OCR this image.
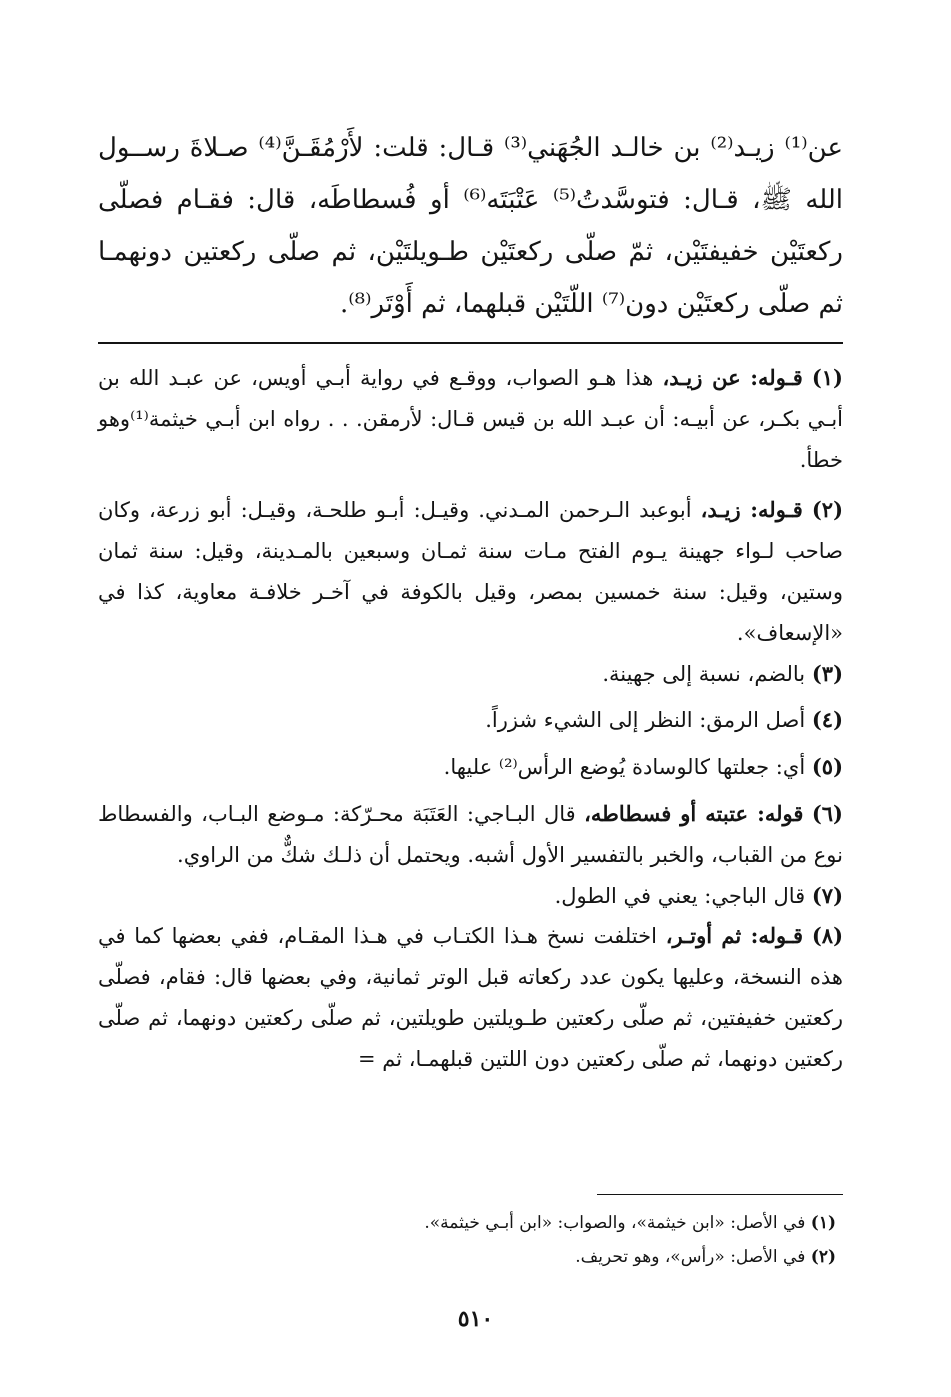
عن⁽¹⁾ زيـد⁽²⁾ بن خالـد الجُهَني⁽³⁾ قـال: قلت: لأَرْمُقَـنَّ⁽⁴⁾ صـلاةَ رســول الله ﷺ، قـال: فتوسَّدتُ⁽⁵⁾ عَتْبَتَه⁽⁶⁾ أو فُسطاطَه، قال: فقـام فصلّى ركعتَيْن خفيفتَيْن، ثمّ صلّى ركعتَيْن طـويلتَيْن، ثم صلّى ركعتين دونهمـا ثم صلّى ركعتَيْن دون⁽⁷⁾ اللّتَيْن قبلهما، ثم أَوْتَر⁽⁸⁾.

(١) قـوله: عن زيـد، هذا هـو الصواب، ووقـع في رواية أبـي أويس، عن عبـد الله بن أبـي بكـر، عن أبيـه: أن عبـد الله بن قيس قـال: لأرمقن. . . رواه ابن أبـي خيثمة⁽¹⁾وهو خطأ.

(٢) قـوله: زيـد، أبوعبد الـرحمن المـدني. وقيـل: أبـو طلحـة، وقيـل: أبو زرعة، وكان صاحب لـواء جهينة يـوم الفتح مـات سنة ثمـان وسبعين بالمـدينة، وقيل: سنة ثمان وستين، وقيل: سنة خمسين بمصر، وقيل بالكوفة في آخـر خلافـة معاوية، كذا في «الإسعاف».

(٣) بالضم، نسبة إلى جهينة.

(٤) أصل الرمق: النظر إلى الشيء شزراً.

(٥) أي: جعلتها كالوسادة يُوضع الرأس⁽²⁾ عليها.

(٦) قوله: عتبته أو فسطاطه، قال البـاجي: العَتَبَة محـرّكة: مـوضع البـاب، والفسطاط نوع من القباب، والخبر بالتفسير الأول أشبه. ويحتمل أن ذلـك شكٌّ من الراوي.

(٧) قال الباجي: يعني في الطول.

(٨) قـوله: ثم أوتـر، اختلفت نسخ هـذا الكتـاب في هـذا المقـام، ففي بعضها كما في هذه النسخة، وعليها يكون عدد ركعاته قبل الوتر ثمانية، وفي بعضها قال: فقام، فصلّى ركعتين خفيفتين، ثم صلّى ركعتين طـويلتين طويلتين، ثم صلّى ركعتين دونهما، ثم صلّى ركعتين دونهما، ثم صلّى ركعتين دون اللتين قبلهمـا، ثم =

(١) في الأصل: «ابن خيثمة»، والصواب: «ابن أبـي خيثمة».

(٢) في الأصل: «رأس»، وهو تحريف.

٥١٠
